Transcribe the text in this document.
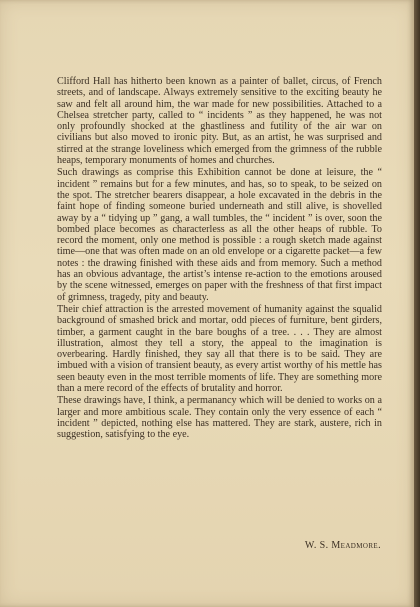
Clifford Hall has hitherto been known as a painter of ballet, circus, of French streets, and of landscape. Always extremely sensitive to the exciting beauty he saw and felt all around him, the war made for new possibilities. Attached to a Chelsea stretcher party, called to “ incidents ” as they happened, he was not only profoundly shocked at the ghastliness and futility of the air war on civilians but also moved to ironic pity. But, as an artist, he was surprised and stirred at the strange loveliness which emerged from the grimness of the rubble heaps, temporary monuments of homes and churches.

Such drawings as comprise this Exhibition cannot be done at leisure, the “ incident ” remains but for a few minutes, and has, so to speak, to be seized on the spot. The stretcher bearers disappear, a hole excavated in the debris in the faint hope of finding someone buried underneath and still alive, is shovelled away by a “ tidying up ” gang, a wall tumbles, the “ incident ” is over, soon the bombed place becomes as characterless as all the other heaps of rubble. To record the moment, only one method is possible : a rough sketch made against time—one that was often made on an old envelope or a cigarette packet—a few notes : the drawing finished with these aids and from memory. Such a method has an obvious advantage, the artist’s intense re-action to the emotions aroused by the scene witnessed, emerges on paper with the freshness of that first impact of grimness, tragedy, pity and beauty.

Their chief attraction is the arrested movement of humanity against the squalid background of smashed brick and mortar, odd pieces of furniture, bent girders, timber, a garment caught in the bare boughs of a tree. . . . They are almost illustration, almost they tell a story, the appeal to the imagination is overbearing. Hardly finished, they say all that there is to be said. They are imbued with a vision of transient beauty, as every artist worthy of his mettle has seen beauty even in the most terrible moments of life. They are something more than a mere record of the effects of brutality and horror.

These drawings have, I think, a permanancy which will be denied to works on a larger and more ambitious scale. They contain only the very essence of each “ incident ” depicted, nothing else has mattered. They are stark, austere, rich in suggestion, satisfying to the eye.

W. S. Meadmore.
